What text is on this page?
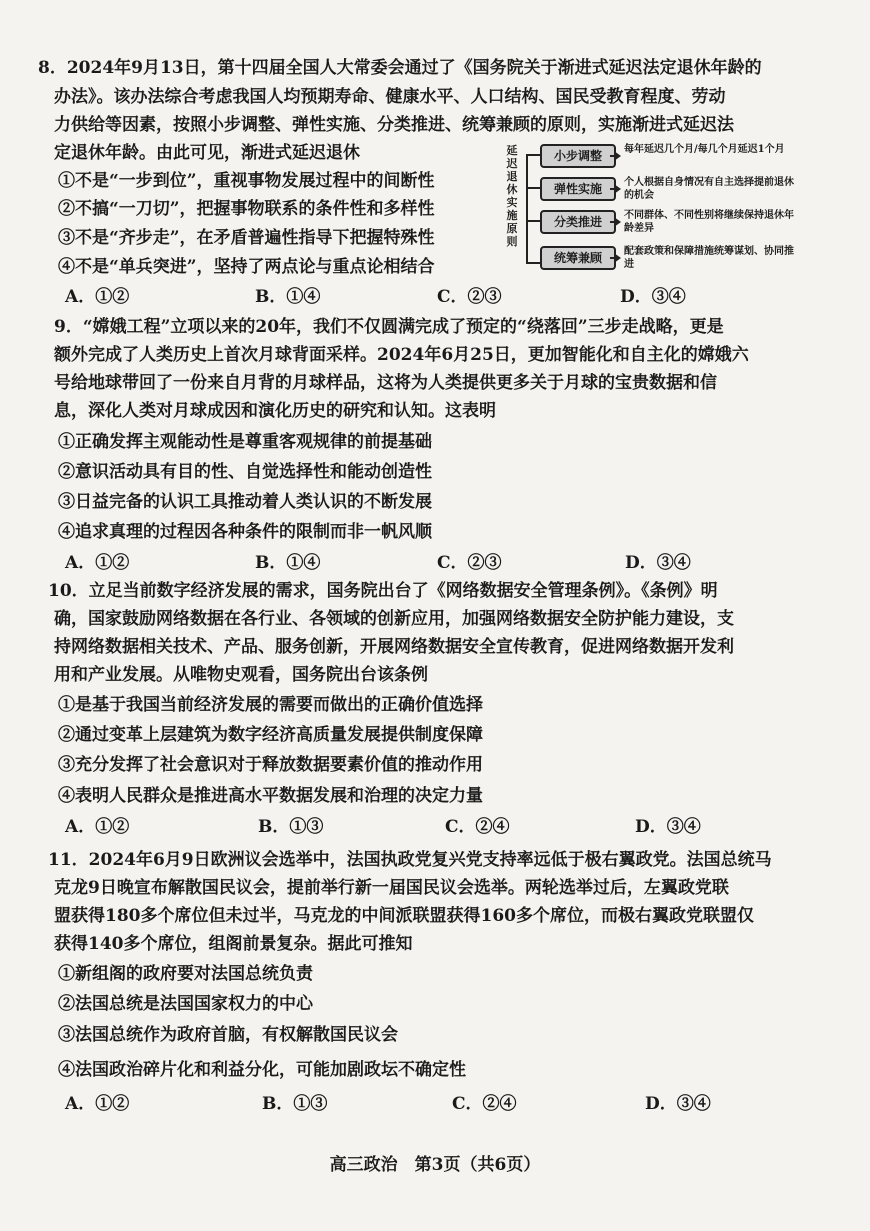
8．2024年9月13日，第十四届全国人大常委会通过了《国务院关于渐进式延迟法定退休年龄的
办法》。该办法综合考虑我国人均预期寿命、健康水平、人口结构、国民受教育程度、劳动
力供给等因素，按照小步调整、弹性实施、分类推进、统筹兼顾的原则，实施渐进式延迟法
定退休年龄。由此可见，渐进式延迟退休
①不是“一步到位”，重视事物发展过程中的间断性
②不搞“一刀切”，把握事物联系的条件性和多样性
③不是“齐步走”，在矛盾普遍性指导下把握特殊性
④不是“单兵突进”，坚持了两点论与重点论相结合
A．①②	B．①④	C．②③	D．③④
延迟退休实施原则
小步调整	每年延迟几个月/每几个月延迟1个月
弹性实施	个人根据自身情况有自主选择提前退休的机会
分类推进	不同群体、不同性别将继续保持退休年龄差异
统筹兼顾	配套政策和保障措施统筹谋划、协同推进
9．“嫦娥工程”立项以来的20年，我们不仅圆满完成了预定的“绕落回”三步走战略，更是
额外完成了人类历史上首次月球背面采样。2024年6月25日，更加智能化和自主化的嫦娥六
号给地球带回了一份来自月背的月球样品，这将为人类提供更多关于月球的宝贵数据和信
息，深化人类对月球成因和演化历史的研究和认知。这表明
①正确发挥主观能动性是尊重客观规律的前提基础
②意识活动具有目的性、自觉选择性和能动创造性
③日益完备的认识工具推动着人类认识的不断发展
④追求真理的过程因各种条件的限制而非一帆风顺
A．①②	B．①④	C．②③	D．③④
10．立足当前数字经济发展的需求，国务院出台了《网络数据安全管理条例》。《条例》明
确，国家鼓励网络数据在各行业、各领域的创新应用，加强网络数据安全防护能力建设，支
持网络数据相关技术、产品、服务创新，开展网络数据安全宣传教育，促进网络数据开发利
用和产业发展。从唯物史观看，国务院出台该条例
①是基于我国当前经济发展的需要而做出的正确价值选择
②通过变革上层建筑为数字经济高质量发展提供制度保障
③充分发挥了社会意识对于释放数据要素价值的推动作用
④表明人民群众是推进高水平数据发展和治理的决定力量
A．①②	B．①③	C．②④	D．③④
11．2024年6月9日欧洲议会选举中，法国执政党复兴党支持率远低于极右翼政党。法国总统马
克龙9日晚宣布解散国民议会，提前举行新一届国民议会选举。两轮选举过后，左翼政党联
盟获得180多个席位但未过半，马克龙的中间派联盟获得160多个席位，而极右翼政党联盟仅
获得140多个席位，组阁前景复杂。据此可推知
①新组阁的政府要对法国总统负责
②法国总统是法国国家权力的中心
③法国总统作为政府首脑，有权解散国民议会
④法国政治碎片化和利益分化，可能加剧政坛不确定性
A．①②	B．①③	C．②④	D．③④
高三政治　第3页（共6页）
